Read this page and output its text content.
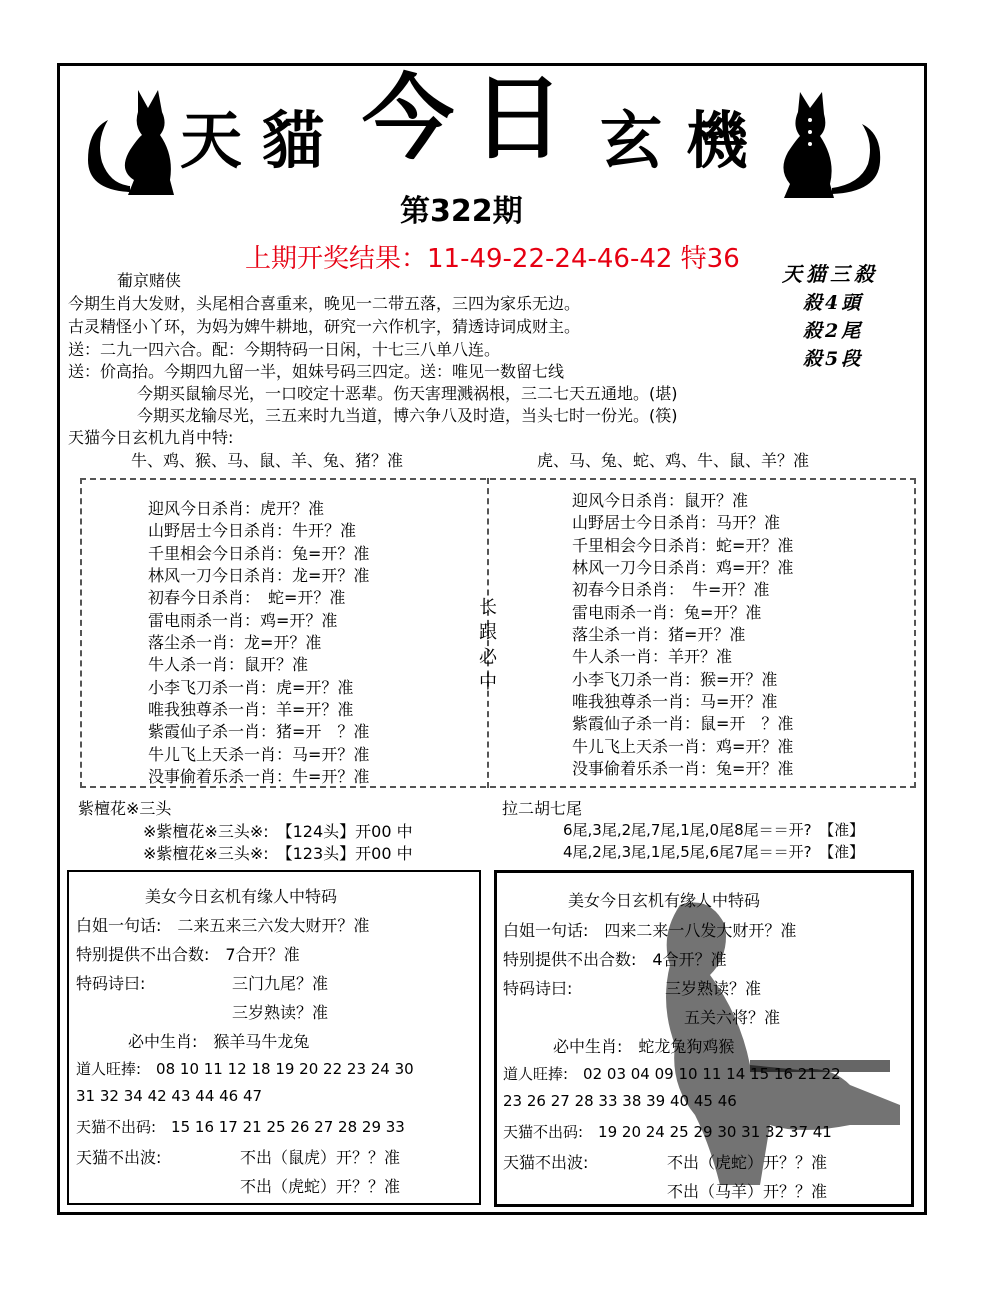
天 貓 今 日 玄 機
第322期
上期开奖结果：11-49-22-24-46-42 特36 天猫三殺
殺4頭
殺2尾
殺5段
葡京赌侠
今期生肖大发财，头尾相合喜重来，晚见一二带五落，三四为家乐无边。
古灵精怪小丫环，为妈为婢牛耕地，研究一六作机字，猜透诗词成财主。
送：二九一四六合。配：今期特码一日闲，十七三八单八连。
送：价高抬。今期四九留一半，姐妹号码三四定。送：唯见一数留七线
今期买鼠输尽光，一口咬定十恶辈。伤天害理溅祸根，三二七天五通地。(堪)
今期买龙输尽光，三五来时九当道，博六争八及时造，当头七时一份光。(筷)
天猫今日玄机九肖中特:
牛、鸡、猴、马、鼠、羊、兔、猪？准	虎、马、兔、蛇、鸡、牛、鼠、羊？准
迎风今日杀肖：虎开？准
山野居士今日杀肖：牛开？准
千里相会今日杀肖：兔=开？准
林风一刀今日杀肖：龙=开？准
初春今日杀肖：　蛇=开？准
雷电雨杀一肖：鸡=开？准
落尘杀一肖：龙=开？准
牛人杀一肖：鼠开？准
小李飞刀杀一肖：虎=开？准
唯我独尊杀一肖：羊=开？准
紫霞仙子杀一肖：猪=开　？准
牛儿飞上天杀一肖：马=开？准
没事偷着乐杀一肖：牛=开？准
迎风今日杀肖：鼠开？准
山野居士今日杀肖：马开？准
千里相会今日杀肖：蛇=开？准
林风一刀今日杀肖：鸡=开？准
初春今日杀肖：　牛=开？准
雷电雨杀一肖：兔=开？准
落尘杀一肖：猪=开？准
牛人杀一肖：羊开？准
小李飞刀杀一肖：猴=开？准
唯我独尊杀一肖：马=开？准
紫霞仙子杀一肖：鼠=开　？准
牛儿飞上天杀一肖：鸡=开？准
没事偷着乐杀一肖：兔=开？准
长
跟
必
中
紫檀花※三头
※紫檀花※三头※:　【124头】开00 中
※紫檀花※三头※:　【123头】开00 中
拉二胡七尾
6尾,3尾,2尾,7尾,1尾,0尾8尾＝＝开?　【准】
4尾,2尾,3尾,1尾,5尾,6尾7尾＝＝开?　【准】
美女今日玄机有缘人中特码
白姐一句话:　二来五来三六发大财开？准
特别提供不出合数:　7合开？准
特码诗曰:	三门九尾？准
三岁熟读？准
必中生肖:　猴羊马牛龙兔
道人旺捧:　08 10 11 12 18 19 20 22 23 24 30
31 32 34 42 43 44 46 47
天猫不出码:　15 16 17 21 25 26 27 28 29 33
天猫不出波:	不出（鼠虎）开？？准
不出（虎蛇）开？？准
美女今日玄机有缘人中特码
白姐一句话:　四来二来一八发大财开？准
特别提供不出合数:　4合开？准
特码诗曰:	三岁熟读？准
五关六将？准
必中生肖:　蛇龙兔狗鸡猴
道人旺捧:　02 03 04 09 10 11 14 15 16 21 22
23 26 27 28 33 38 39 40 45 46
天猫不出码:　19 20 24 25 29 30 31 32 37 41
天猫不出波:	不出（虎蛇）开？？准
不出（马羊）开？？准
